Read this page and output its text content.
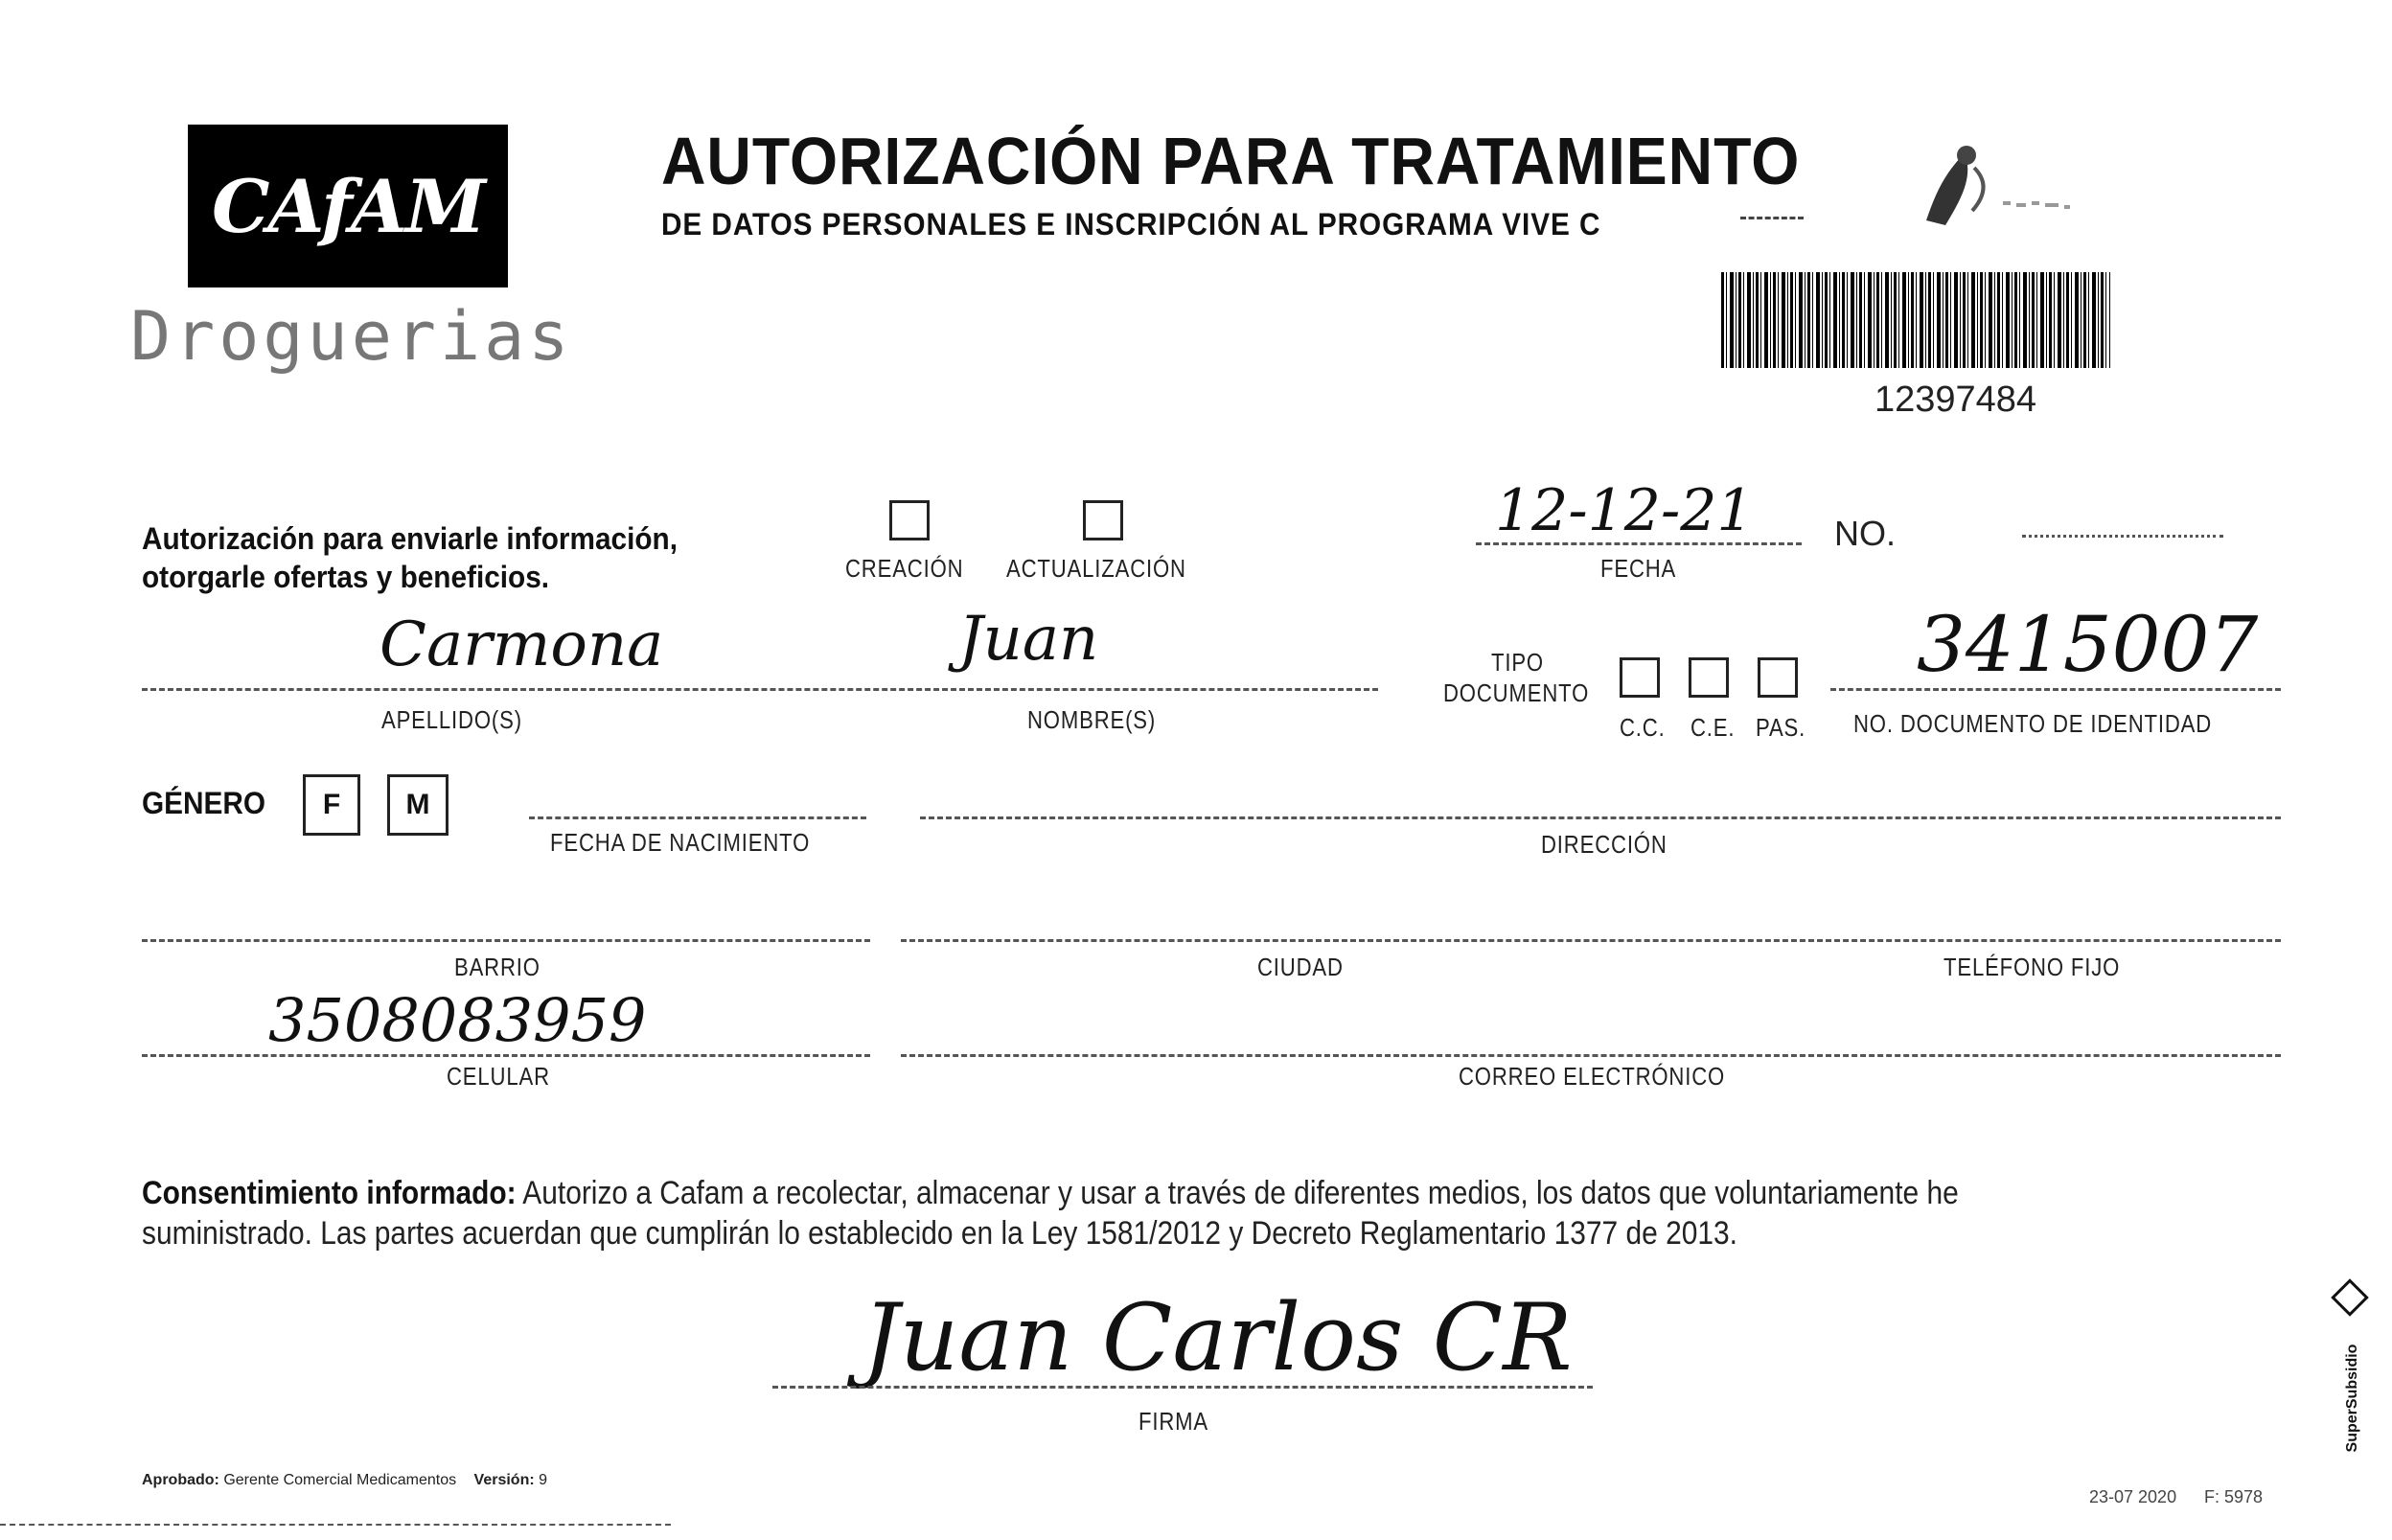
CAfAM
Droguerias
AUTORIZACIÓN PARA TRATAMIENTO
DE DATOS PERSONALES E INSCRIPCIÓN AL PROGRAMA VIVE C
12397484
Autorización para enviarle información,
otorgarle ofertas y beneficios.	CREACIÓN ACTUALIZACIÓN
12-12-21
FECHA
NO.
Carmona	Juan
APELLIDO(S)	NOMBRE(S)
TIPO
DOCUMENTO
C.C. C.E. PAS.
3415007
NO. DOCUMENTO DE IDENTIDAD
GÉNERO F M
FECHA DE NACIMIENTO	DIRECCIÓN
BARRIO	CIUDAD	TELÉFONO FIJO
3508083959
CELULAR	CORREO ELECTRÓNICO
Consentimiento informado: Autorizo a Cafam a recolectar, almacenar y usar a través de diferentes medios, los datos que voluntariamente he
suministrado. Las partes acuerdan que cumplirán lo establecido en la Ley 1581/2012 y Decreto Reglamentario 1377 de 2013.
Juan Carlos CR
FIRMA
Aprobado: Gerente Comercial Medicamentos Versión: 9
23-07 2020 F: 5978
SuperSubsidio
